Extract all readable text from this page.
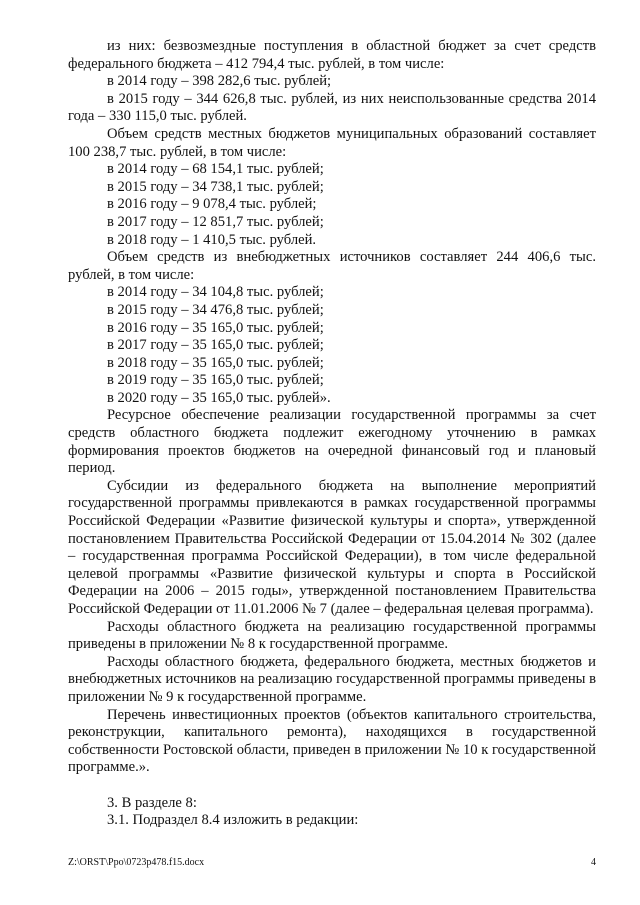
из них: безвозмездные поступления в областной бюджет за счет средств федерального бюджета – 412 794,4 тыс. рублей, в том числе:
в 2014 году – 398 282,6 тыс. рублей;
в 2015 году – 344 626,8 тыс. рублей, из них неиспользованные средства 2014 года – 330 115,0 тыс. рублей.
Объем средств местных бюджетов муниципальных образований составляет 100 238,7 тыс. рублей, в том числе:
в 2014 году – 68 154,1 тыс. рублей;
в 2015 году – 34 738,1 тыс. рублей;
в 2016 году – 9 078,4 тыс. рублей;
в 2017 году – 12 851,7 тыс. рублей;
в 2018 году – 1 410,5 тыс. рублей.
Объем средств из внебюджетных источников составляет 244 406,6 тыс. рублей, в том числе:
в 2014 году – 34 104,8 тыс. рублей;
в 2015 году – 34 476,8 тыс. рублей;
в 2016 году – 35 165,0 тыс. рублей;
в 2017 году – 35 165,0 тыс. рублей;
в 2018 году – 35 165,0 тыс. рублей;
в 2019 году – 35 165,0 тыс. рублей;
в 2020 году – 35 165,0 тыс. рублей».
Ресурсное обеспечение реализации государственной программы за счет средств областного бюджета подлежит ежегодному уточнению в рамках формирования проектов бюджетов на очередной финансовый год и плановый период.
Субсидии из федерального бюджета на выполнение мероприятий государственной программы привлекаются в рамках государственной программы Российской Федерации «Развитие физической культуры и спорта», утвержденной постановлением Правительства Российской Федерации от 15.04.2014 № 302 (далее – государственная программа Российской Федерации), в том числе федеральной целевой программы «Развитие физической культуры и спорта в Российской Федерации на 2006 – 2015 годы», утвержденной постановлением Правительства Российской Федерации от 11.01.2006 № 7 (далее – федеральная целевая программа).
Расходы областного бюджета на реализацию государственной программы приведены в приложении № 8 к государственной программе.
Расходы областного бюджета, федерального бюджета, местных бюджетов и внебюджетных источников на реализацию государственной программы приведены в приложении № 9 к государственной программе.
Перечень инвестиционных проектов (объектов капитального строительства, реконструкции, капитального ремонта), находящихся в государственной собственности Ростовской области, приведен в приложении № 10 к государственной программе.».
3. В разделе 8:
3.1. Подраздел 8.4 изложить в редакции:
Z:\ORST\Ppo\0723p478.f15.docx	4
